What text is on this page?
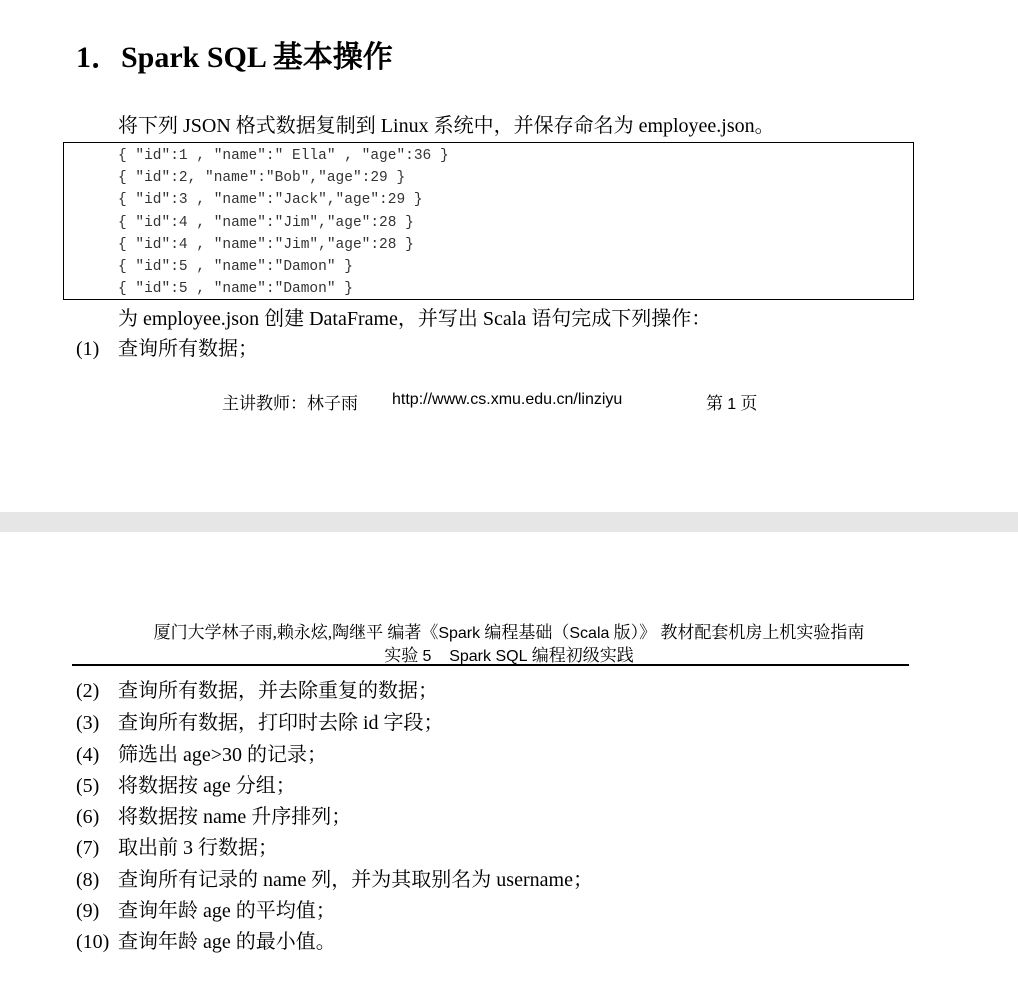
1．Spark SQL 基本操作
将下列 JSON 格式数据复制到 Linux 系统中，并保存命名为 employee.json。
{ "id":1 , "name":" Ella" , "age":36 }
{ "id":2, "name":"Bob","age":29 }
{ "id":3 , "name":"Jack","age":29 }
{ "id":4 , "name":"Jim","age":28 }
{ "id":4 , "name":"Jim","age":28 }
{ "id":5 , "name":"Damon" }
{ "id":5 , "name":"Damon" }
为 employee.json 创建 DataFrame，并写出 Scala 语句完成下列操作：
(1) 查询所有数据；
主讲教师：林子雨 http://www.cs.xmu.edu.cn/linziyu	第 1 页
厦门大学林子雨,赖永炫,陶继平 编著《Spark 编程基础（Scala 版）》 教材配套机房上机实验指南
实验 5    Spark SQL 编程初级实践
(2) 查询所有数据，并去除重复的数据；
(3) 查询所有数据，打印时去除 id 字段；
(4) 筛选出 age>30 的记录；
(5) 将数据按 age 分组；
(6) 将数据按 name 升序排列；
(7) 取出前 3 行数据；
(8) 查询所有记录的 name 列，并为其取别名为 username；
(9) 查询年龄 age 的平均值；
(10) 查询年龄 age 的最小值。
